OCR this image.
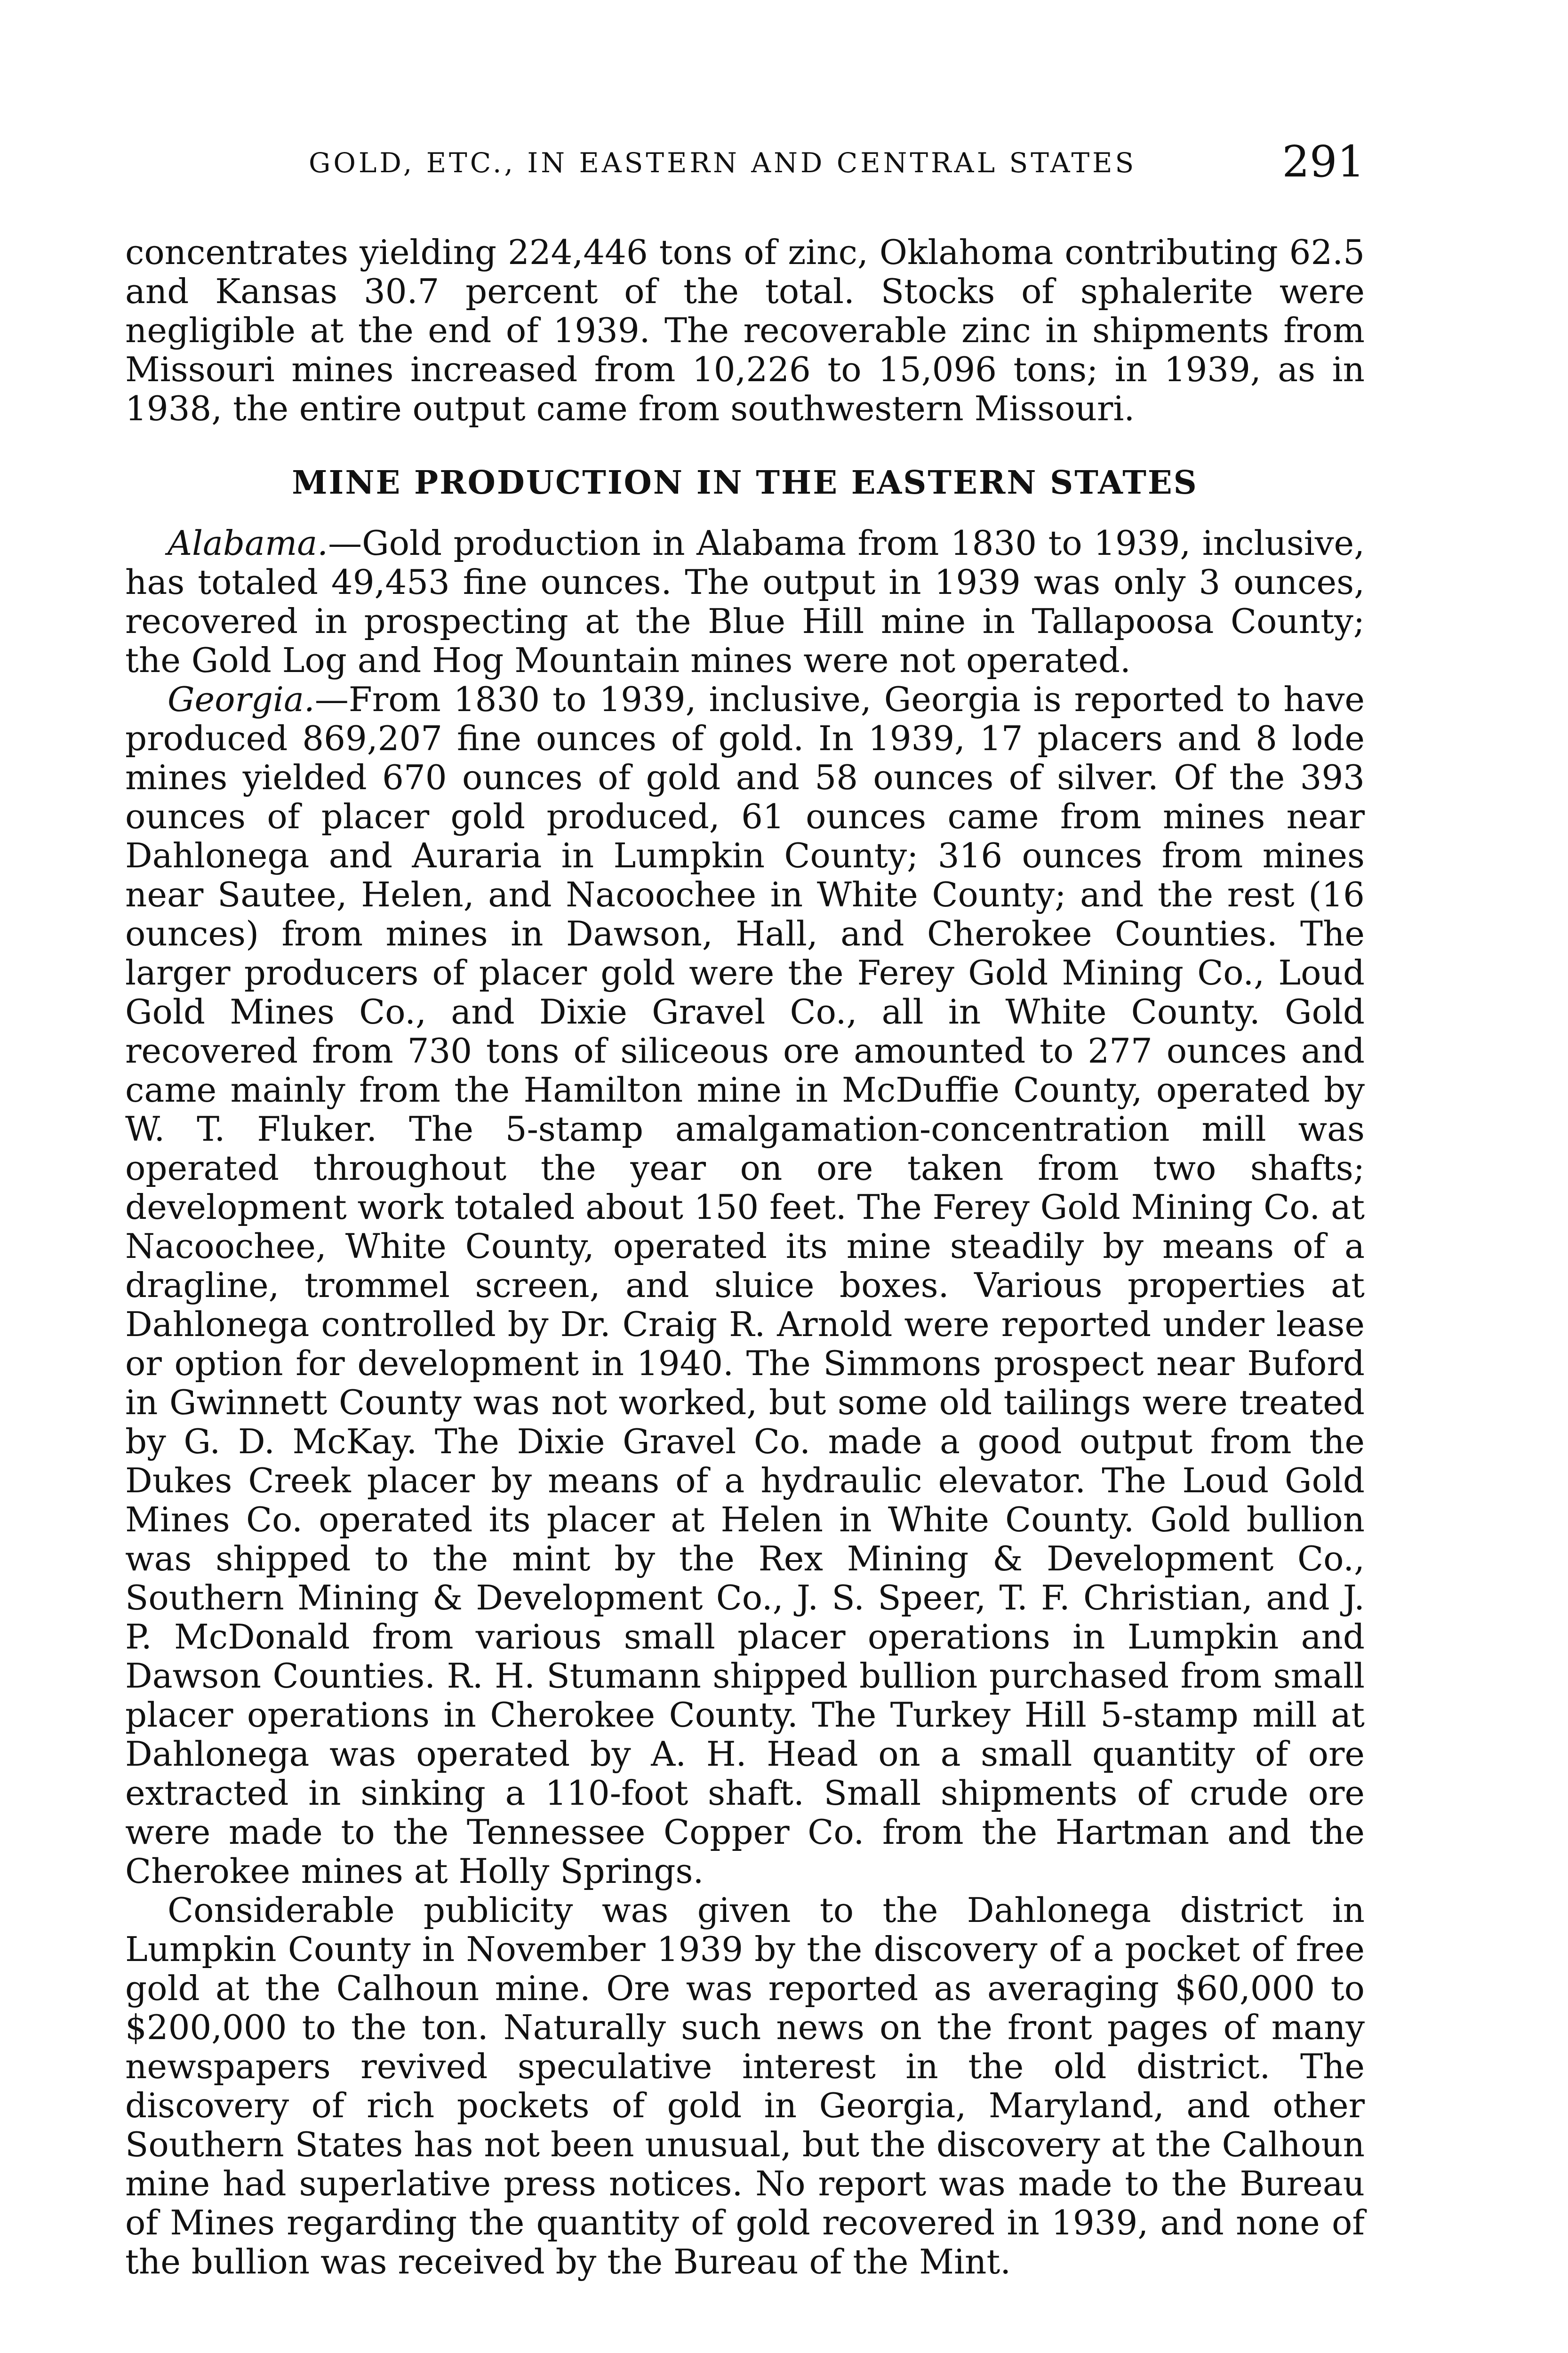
GOLD, ETC., IN EASTERN AND CENTRAL STATES	291

concentrates yielding 224,446 tons of zinc, Oklahoma contributing 62.5 and Kansas 30.7 percent of the total. Stocks of sphalerite were negligible at the end of 1939. The recoverable zinc in shipments from Missouri mines increased from 10,226 to 15,096 tons; in 1939, as in 1938, the entire output came from southwestern Missouri.

MINE PRODUCTION IN THE EASTERN STATES

Alabama.—Gold production in Alabama from 1830 to 1939, inclusive, has totaled 49,453 fine ounces. The output in 1939 was only 3 ounces, recovered in prospecting at the Blue Hill mine in Tallapoosa County; the Gold Log and Hog Mountain mines were not operated.

Georgia.—From 1830 to 1939, inclusive, Georgia is reported to have produced 869,207 fine ounces of gold. In 1939, 17 placers and 8 lode mines yielded 670 ounces of gold and 58 ounces of silver. Of the 393 ounces of placer gold produced, 61 ounces came from mines near Dahlonega and Auraria in Lumpkin County; 316 ounces from mines near Sautee, Helen, and Nacoochee in White County; and the rest (16 ounces) from mines in Dawson, Hall, and Cherokee Counties. The larger producers of placer gold were the Ferey Gold Mining Co., Loud Gold Mines Co., and Dixie Gravel Co., all in White County. Gold recovered from 730 tons of siliceous ore amounted to 277 ounces and came mainly from the Hamilton mine in McDuffie County, operated by W. T. Fluker. The 5-stamp amalgamation-concentration mill was operated throughout the year on ore taken from two shafts; development work totaled about 150 feet. The Ferey Gold Mining Co. at Nacoochee, White County, operated its mine steadily by means of a dragline, trommel screen, and sluice boxes. Various properties at Dahlonega controlled by Dr. Craig R. Arnold were reported under lease or option for development in 1940. The Simmons prospect near Buford in Gwinnett County was not worked, but some old tailings were treated by G. D. McKay. The Dixie Gravel Co. made a good output from the Dukes Creek placer by means of a hydraulic elevator. The Loud Gold Mines Co. operated its placer at Helen in White County. Gold bullion was shipped to the mint by the Rex Mining & Development Co., Southern Mining & Development Co., J. S. Speer, T. F. Christian, and J. P. McDonald from various small placer operations in Lumpkin and Dawson Counties. R. H. Stumann shipped bullion purchased from small placer operations in Cherokee County. The Turkey Hill 5-stamp mill at Dahlonega was operated by A. H. Head on a small quantity of ore extracted in sinking a 110-foot shaft. Small shipments of crude ore were made to the Tennessee Copper Co. from the Hartman and the Cherokee mines at Holly Springs.

Considerable publicity was given to the Dahlonega district in Lumpkin County in November 1939 by the discovery of a pocket of free gold at the Calhoun mine. Ore was reported as averaging $60,000 to $200,000 to the ton. Naturally such news on the front pages of many newspapers revived speculative interest in the old district. The discovery of rich pockets of gold in Georgia, Maryland, and other Southern States has not been unusual, but the discovery at the Calhoun mine had superlative press notices. No report was made to the Bureau of Mines regarding the quantity of gold recovered in 1939, and none of the bullion was received by the Bureau of the Mint.
